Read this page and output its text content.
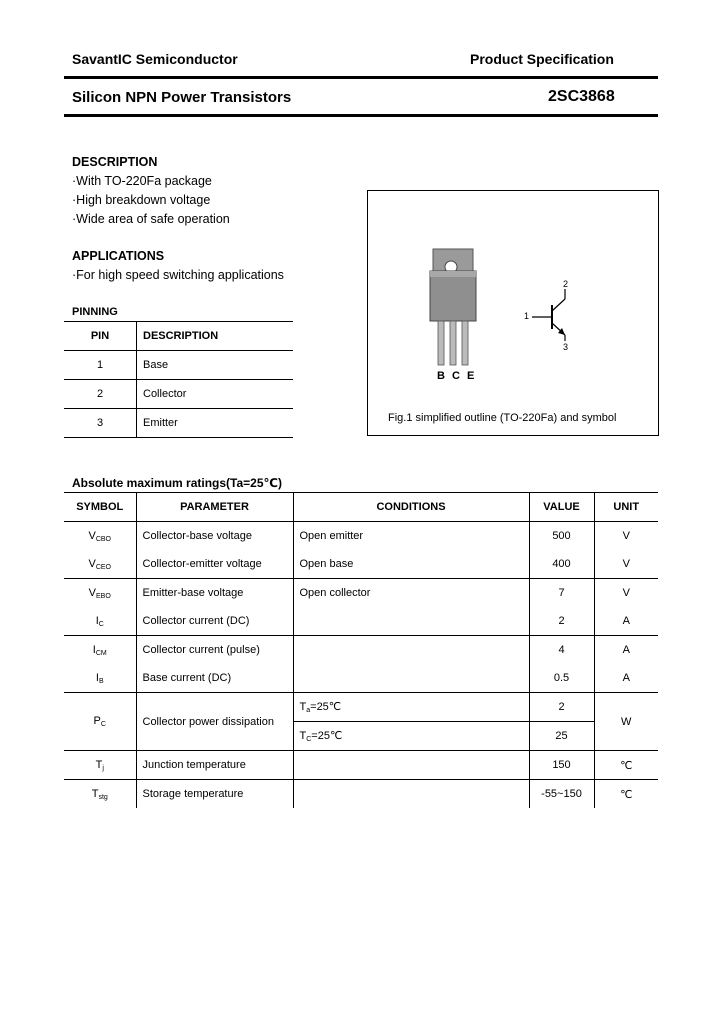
SavantIC Semiconductor	Product Specification
Silicon NPN Power Transistors	2SC3868
DESCRIPTION
·With TO-220Fa package
·High breakdown voltage
·Wide area of safe operation
APPLICATIONS
·For high speed switching applications
PINNING
PIN	DESCRIPTION
1	Base
2	Collector
3	Emitter
B C E
1
2
3
Fig.1 simplified outline (TO-220Fa) and symbol
Absolute maximum ratings(Ta=25℃)
SYMBOL	PARAMETER	CONDITIONS	VALUE	UNIT
$V_{CBO}$	Collector-base voltage	Open emitter	500	V
$V_{CEO}$	Collector-emitter voltage	Open base	400	V
$V_{EBO}$	Emitter-base voltage	Open collector	7	V
$I_C$	Collector current (DC)		2	A
$I_{CM}$	Collector current (pulse)		4	A
$I_B$	Base current (DC)		0.5	A
$P_C$	Collector power dissipation	$T_a=25℃$	2	W
		$T_C=25℃$	25	
$T_j$	Junction temperature		150	℃
$T_{stg}$	Storage temperature		-55~150	℃
